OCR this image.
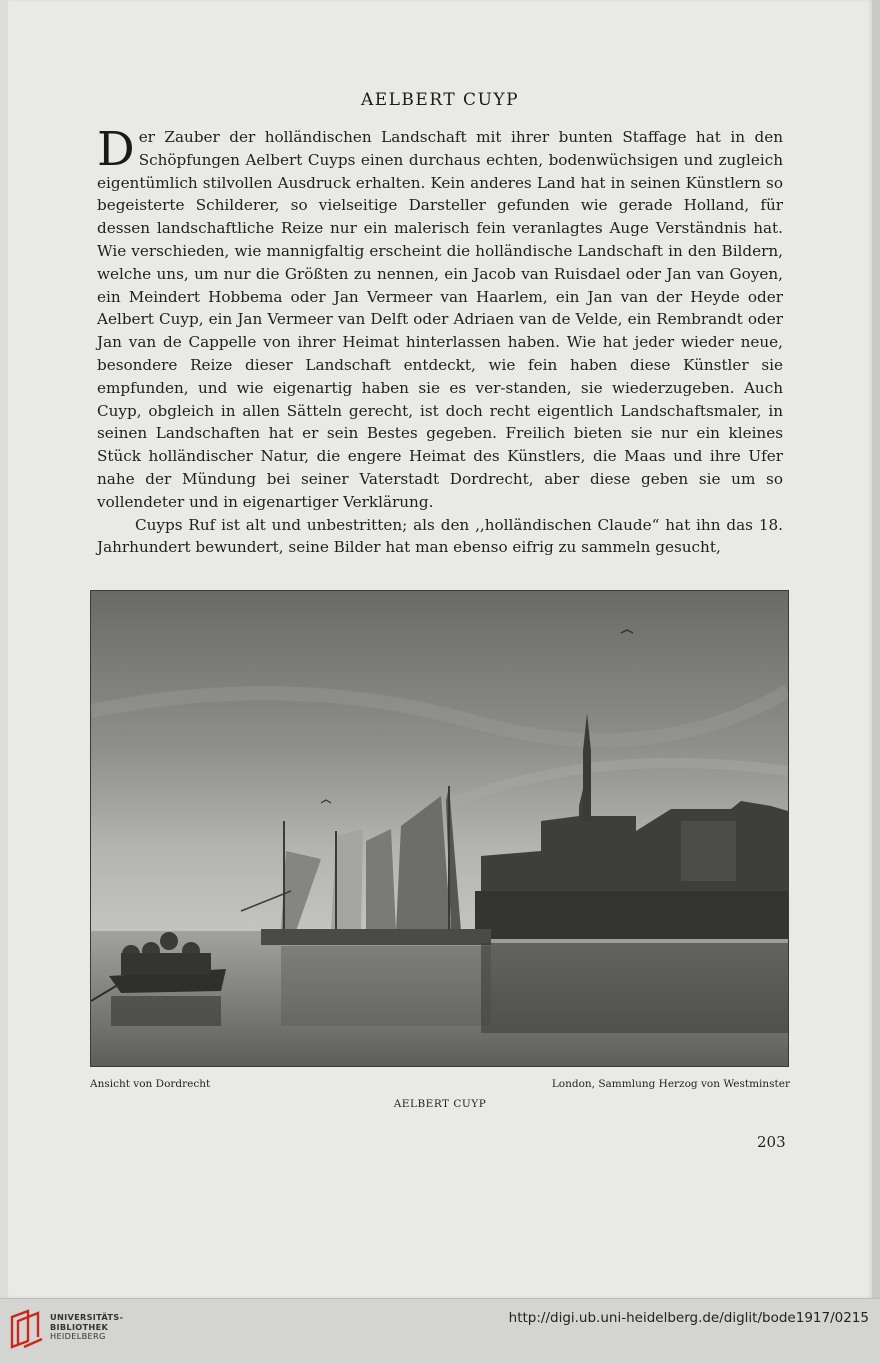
AELBERT CUYP

Der Zauber der holländischen Landschaft mit ihrer bunten Staffage hat in den Schöpfungen Aelbert Cuyps einen durchaus echten, bodenwüchsigen und zugleich eigentümlich stilvollen Ausdruck erhalten. Kein anderes Land hat in seinen Künstlern so begeisterte Schilderer, so vielseitige Darsteller gefunden wie gerade Holland, für dessen landschaftliche Reize nur ein malerisch fein veranlagtes Auge Verständnis hat. Wie verschieden, wie mannigfaltig erscheint die holländische Landschaft in den Bildern, welche uns, um nur die Größten zu nennen, ein Jacob van Ruisdael oder Jan van Goyen, ein Meindert Hobbema oder Jan Vermeer van Haarlem, ein Jan van der Heyde oder Aelbert Cuyp, ein Jan Vermeer van Delft oder Adriaen van de Velde, ein Rembrandt oder Jan van de Cappelle von ihrer Heimat hinterlassen haben. Wie hat jeder wieder neue, besondere Reize dieser Landschaft entdeckt, wie fein haben diese Künstler sie empfunden, und wie eigenartig haben sie es ver-standen, sie wiederzugeben. Auch Cuyp, obgleich in allen Sätteln gerecht, ist doch recht eigentlich Landschaftsmaler, in seinen Landschaften hat er sein Bestes gegeben. Freilich bieten sie nur ein kleines Stück holländischer Natur, die engere Heimat des Künstlers, die Maas und ihre Ufer nahe der Mündung bei seiner Vaterstadt Dordrecht, aber diese geben sie um so vollendeter und in eigenartiger Verklärung.

Cuyps Ruf ist alt und unbestritten; als den ,,holländischen Claude“ hat ihn das 18. Jahrhundert bewundert, seine Bilder hat man ebenso eifrig zu sammeln gesucht,

Ansicht von Dordrecht	London, Sammlung Herzog von Westminster
AELBERT CUYP
203
UNIVERSITÄTS-
BIBLIOTHEK
HEIDELBERG
http://digi.ub.uni-heidelberg.de/diglit/bode1917/0215
